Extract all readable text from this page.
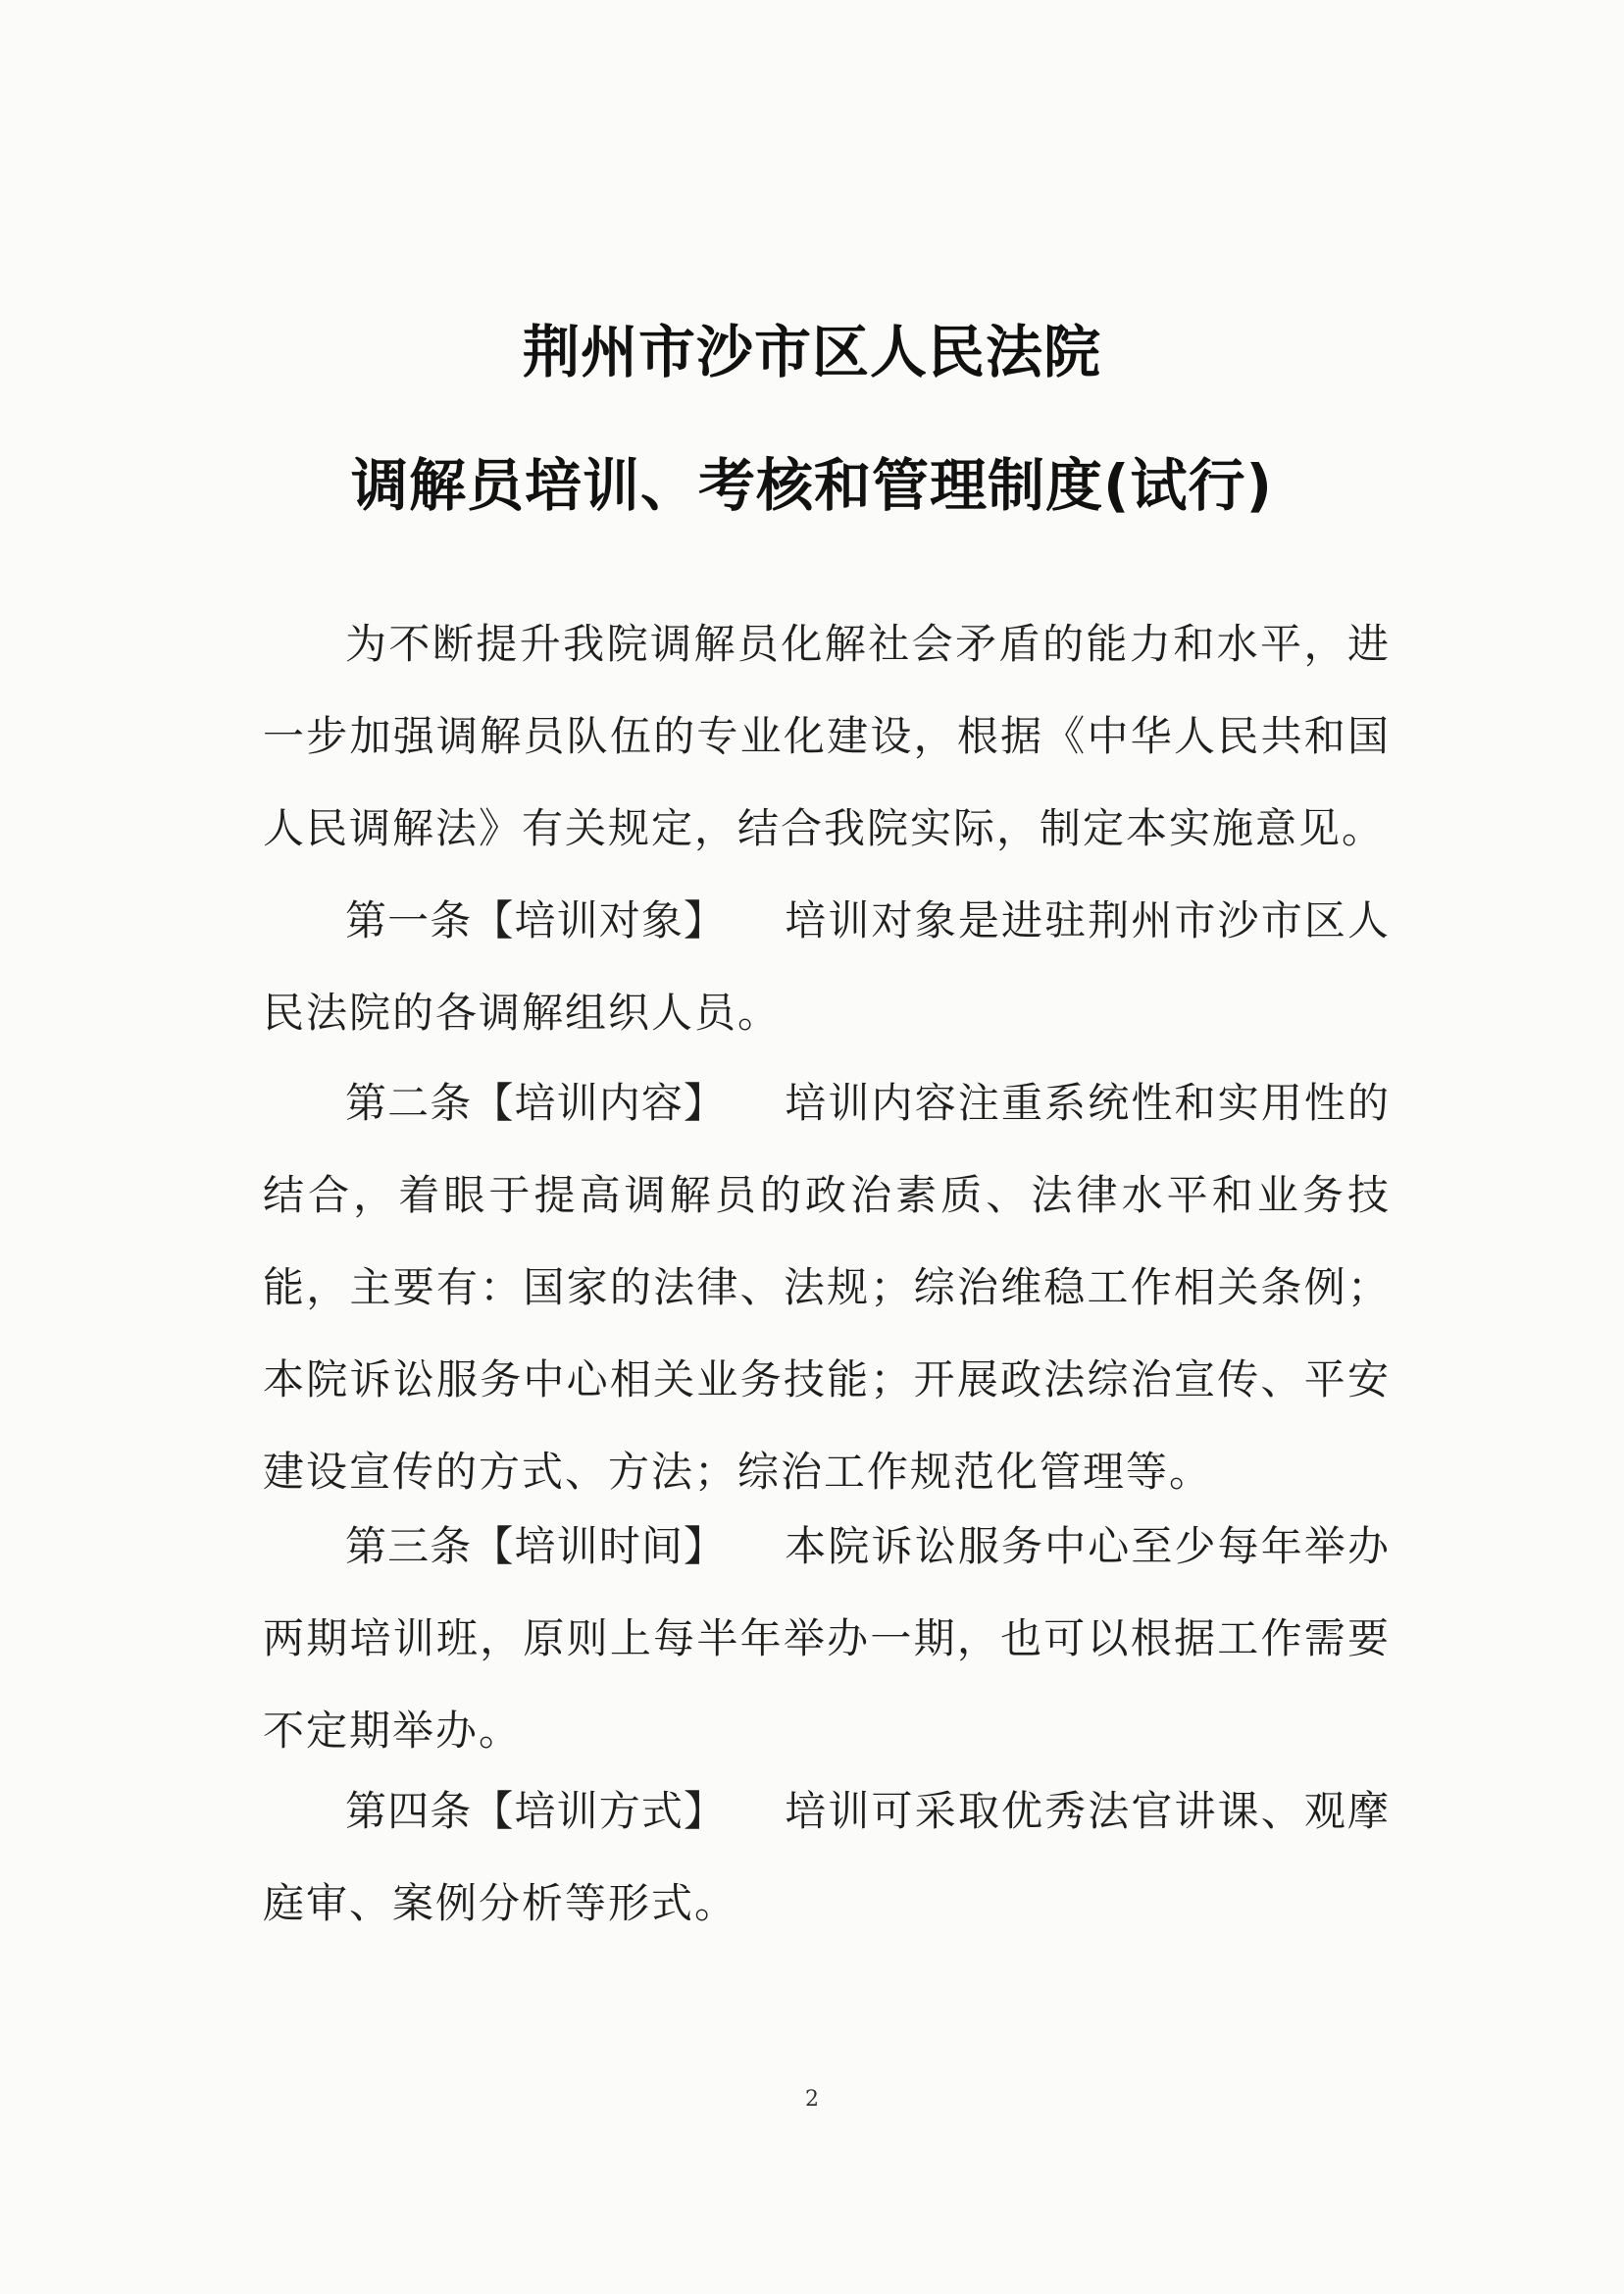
荆州市沙市区人民法院
调解员培训、考核和管理制度(试行)

为不断提升我院调解员化解社会矛盾的能力和水平，进一步加强调解员队伍的专业化建设，根据《中华人民共和国人民调解法》有关规定，结合我院实际，制定本实施意见。

第一条【培训对象】 培训对象是进驻荆州市沙市区人民法院的各调解组织人员。

第二条【培训内容】 培训内容注重系统性和实用性的结合，着眼于提高调解员的政治素质、法律水平和业务技能，主要有：国家的法律、法规；综治维稳工作相关条例；本院诉讼服务中心相关业务技能；开展政法综治宣传、平安建设宣传的方式、方法；综治工作规范化管理等。

第三条【培训时间】 本院诉讼服务中心至少每年举办两期培训班，原则上每半年举办一期，也可以根据工作需要不定期举办。

第四条【培训方式】 培训可采取优秀法官讲课、观摩庭审、案例分析等形式。

2
